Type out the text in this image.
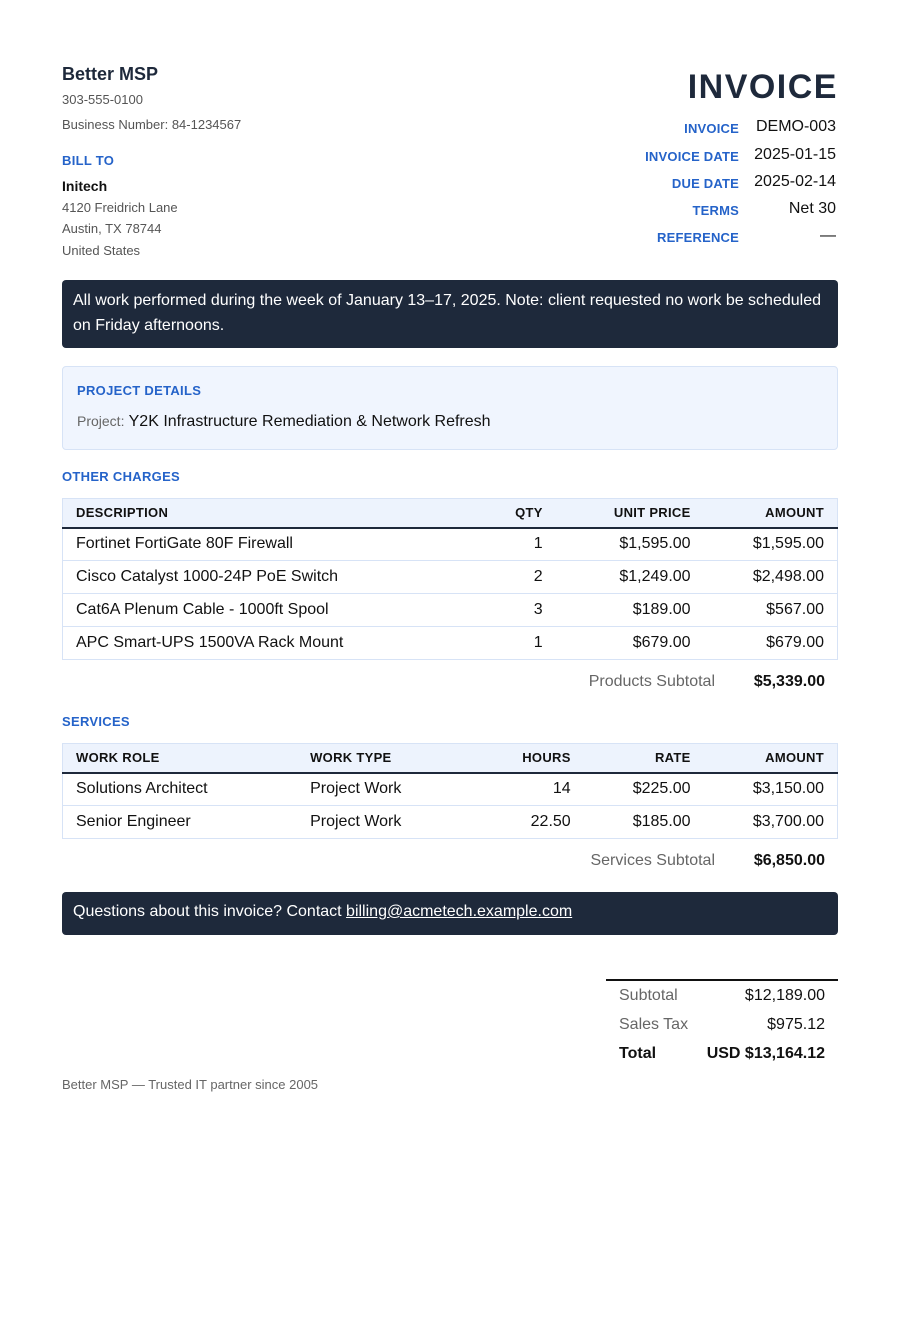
Better MSP
303-555-0100
Business Number: 84-1234567
BILL TO
Initech
4120 Freidrich Lane
Austin, TX 78744
United States
INVOICE
INVOICE DEMO-003
INVOICE DATE 2025-01-15
DUE DATE 2025-02-14
TERMS	Net 30
REFERENCE	—
All work performed during the week of January 13–17, 2025. Note: client requested no work be scheduled on Friday afternoons.
PROJECT DETAILS
Project: Y2K Infrastructure Remediation & Network Refresh
OTHER CHARGES
DESCRIPTION	QTY	UNIT PRICE	AMOUNT
Fortinet FortiGate 80F Firewall	1	$1,595.00	$1,595.00
Cisco Catalyst 1000-24P PoE Switch	2	$1,249.00	$2,498.00
Cat6A Plenum Cable - 1000ft Spool	3	$189.00	$567.00
APC Smart-UPS 1500VA Rack Mount	1	$679.00	$679.00
Products Subtotal $5,339.00
SERVICES
WORK ROLE	WORK TYPE	HOURS	RATE	AMOUNT
Solutions Architect	Project Work	14	$225.00	$3,150.00
Senior Engineer	Project Work	22.50	$185.00	$3,700.00
Services Subtotal $6,850.00
Questions about this invoice? Contact billing@acmetech.example.com
Subtotal	$12,189.00
Sales Tax	$975.12
Total	USD $13,164.12
Better MSP — Trusted IT partner since 2005
